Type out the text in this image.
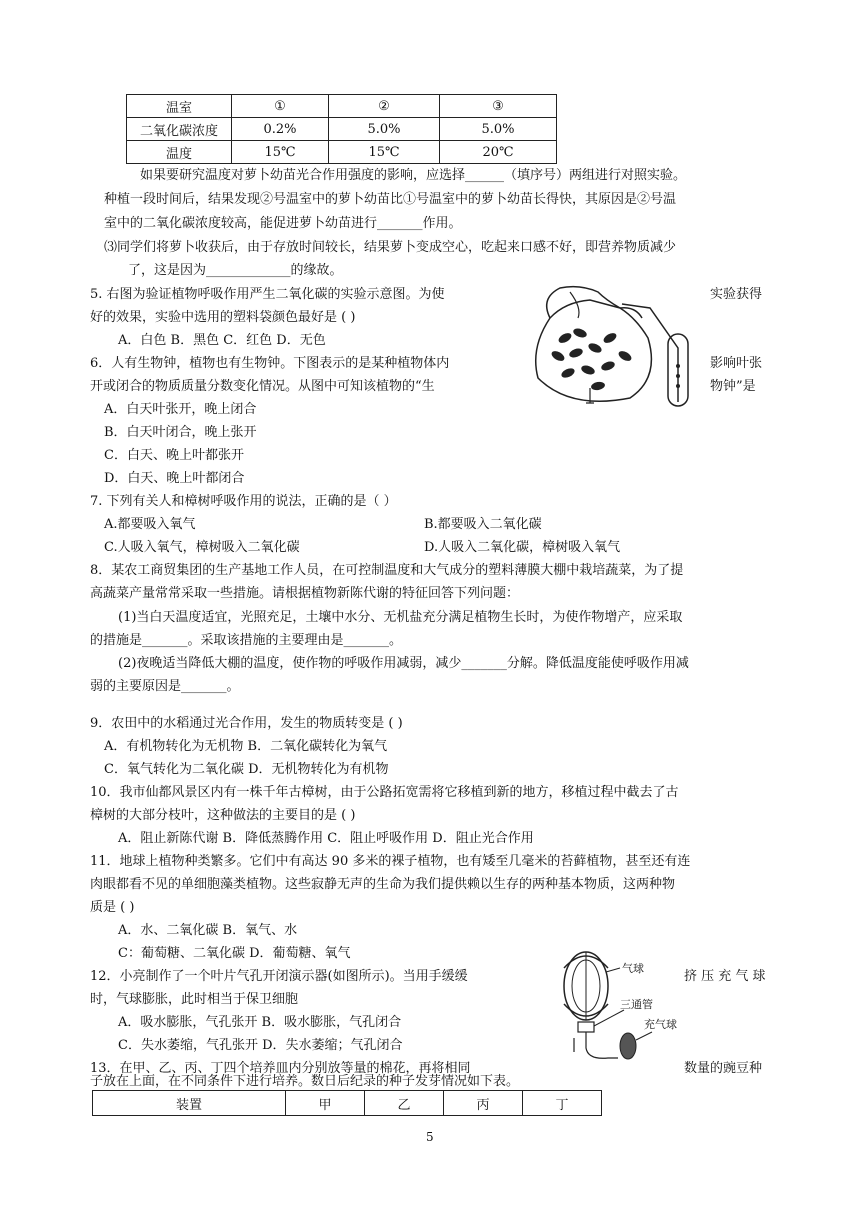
温室	①	②	③
二氧化碳浓度	0.2%	5.0%	5.0%
温度	15℃	15℃	20℃
如果要研究温度对萝卜幼苗光合作用强度的影响，应选择______（填序号）两组进行对照实验。
种植一段时间后，结果发现②号温室中的萝卜幼苗比①号温室中的萝卜幼苗长得快，其原因是②号温
室中的二氧化碳浓度较高，能促进萝卜幼苗进行_______作用。
⑶同学们将萝卜收获后，由于存放时间较长，结果萝卜变成空心，吃起来口感不好，即营养物质减少
了，这是因为_____________的缘故。
5. 右图为验证植物呼吸作用严生二氧化碳的实验示意图。为使	实验获得
好的效果，实验中选用的塑料袋颜色最好是 ( )
A．白色 B．黑色 C．红色 D．无色
6．人有生物钟，植物也有生物钟。下图表示的是某种植物体内	影响叶张
开或闭合的物质质量分数变化情况。从图中可知该植物的“生	物钟”是
A．白天叶张开，晚上闭合
B．白天叶闭合，晚上张开
C．白天、晚上叶都张开
D．白天、晚上叶都闭合
7. 下列有关人和樟树呼吸作用的说法，正确的是（ ）
A.都要吸入氧气	B.都要吸入二氧化碳
C.人吸入氧气，樟树吸入二氧化碳	D.人吸入二氧化碳，樟树吸入氧气
8．某农工商贸集团的生产基地工作人员，在可控制温度和大气成分的塑料薄膜大棚中栽培蔬菜，为了提
高蔬菜产量常常采取一些措施。请根据植物新陈代谢的特征回答下列问题：
(1)当白天温度适宜，光照充足，土壤中水分、无机盐充分满足植物生长时，为使作物增产，应采取
的措施是_______。采取该措施的主要理由是_______。
(2)夜晚适当降低大棚的温度，使作物的呼吸作用减弱，减少_______分解。降低温度能使呼吸作用减
弱的主要原因是_______。
9．农田中的水稻通过光合作用，发生的物质转变是 ( )
A．有机物转化为无机物 B．二氧化碳转化为氧气
C．氧气转化为二氧化碳 D．无机物转化为有机物
10．我市仙都风景区内有一株千年古樟树，由于公路拓宽需将它移植到新的地方，移植过程中截去了古
樟树的大部分枝叶，这种做法的主要目的是 ( )
A．阻止新陈代谢 B．降低蒸腾作用 C．阻止呼吸作用 D．阻止光合作用
11．地球上植物种类繁多。它们中有高达 90 多米的裸子植物，也有矮至几毫米的苔藓植物，甚至还有连
肉眼都看不见的单细胞藻类植物。这些寂静无声的生命为我们提供赖以生存的两种基本物质，这两种物
质是 ( )
A．水、二氧化碳 B．氧气、水
C：葡萄糖、二氧化碳 D．葡萄糖、氧气
12．小亮制作了一个叶片气孔开闭演示器(如图所示)。当用手缓缓	挤 压 充 气 球
时，气球膨胀，此时相当于保卫细胞
A．吸水膨胀，气孔张开 B．吸水膨胀，气孔闭合
C．失水萎缩，气孔张开 D．失水萎缩；气孔闭合
气球
三通管
充气球
13．在甲、乙、丙、丁四个培养皿内分别放等量的棉花，再将相同	数量的豌豆种
子放在上面，在不同条件下进行培养。数日后纪录的种子发芽情况如下表。
装置	甲	乙	丙	丁
5
